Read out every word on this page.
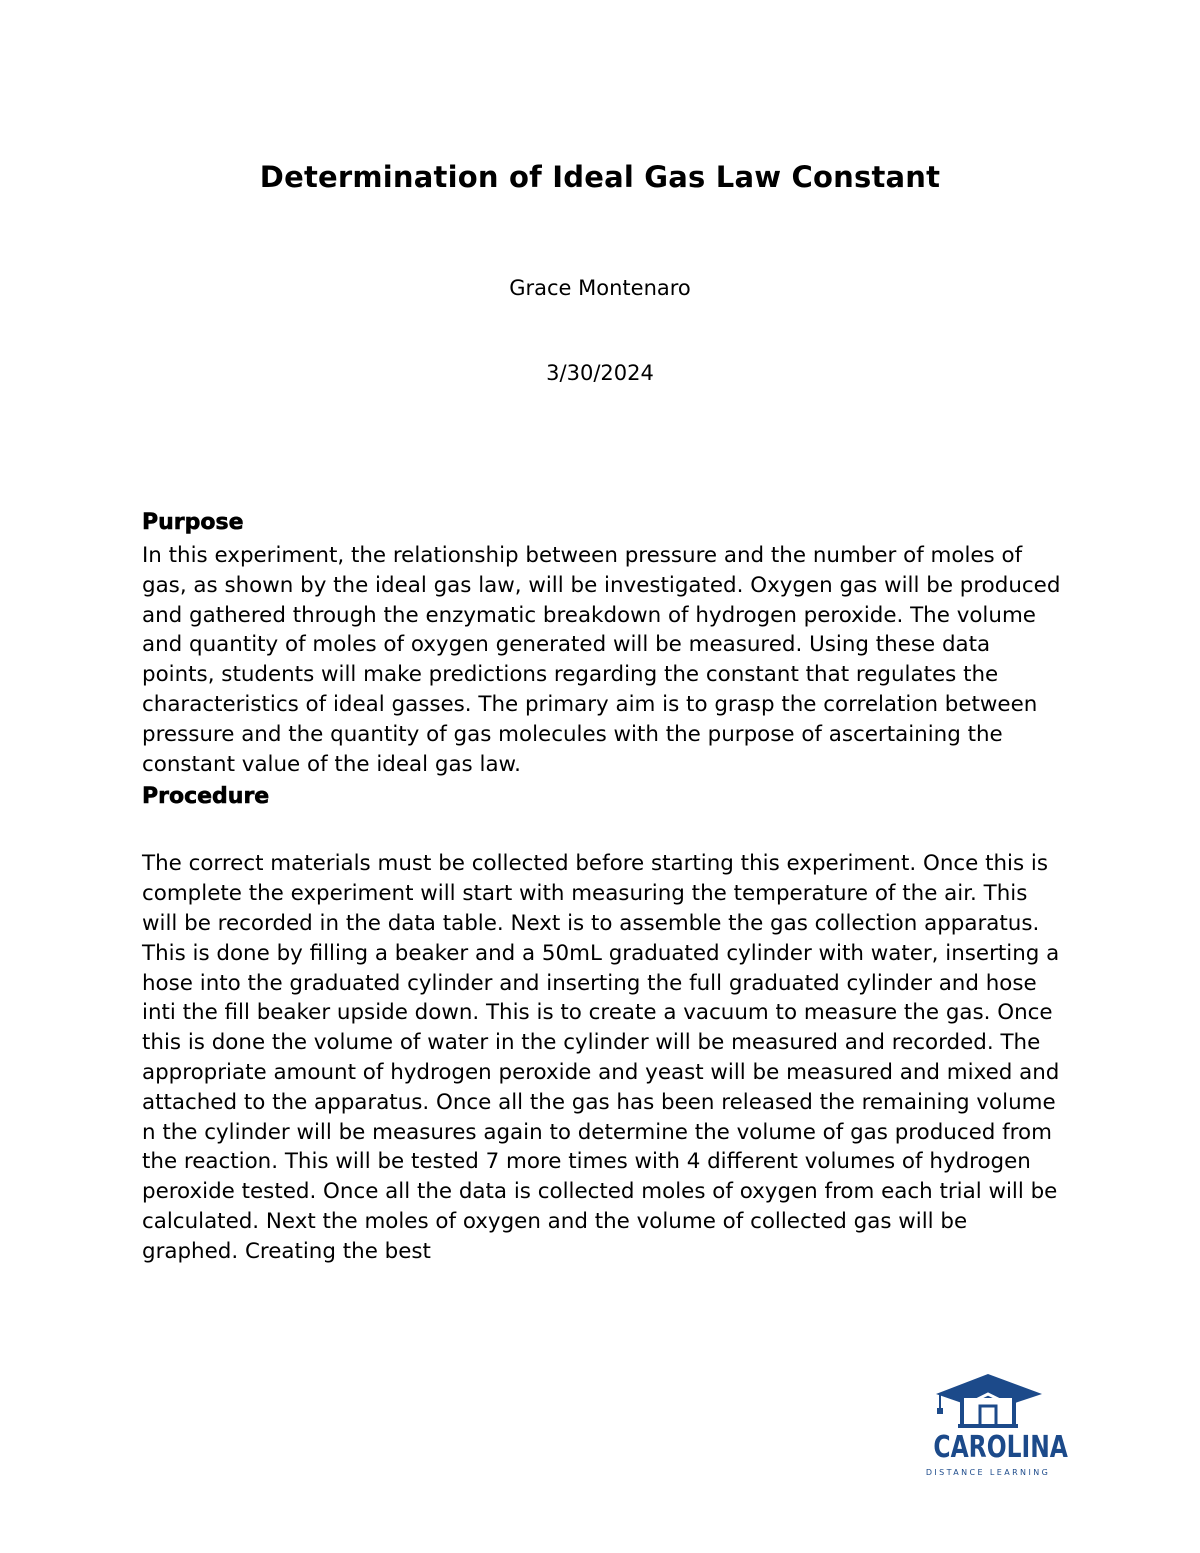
Determination of Ideal Gas Law Constant

Grace Montenaro

3/30/2024

Purpose

In this experiment, the relationship between pressure and the number of moles of gas, as shown by the ideal gas law, will be investigated. Oxygen gas will be produced and gathered through the enzymatic breakdown of hydrogen peroxide. The volume and quantity of moles of oxygen generated will be measured. Using these data points, students will make predictions regarding the constant that regulates the characteristics of ideal gasses. The primary aim is to grasp the correlation between pressure and the quantity of gas molecules with the purpose of ascertaining the constant value of the ideal gas law.

Procedure

The correct materials must be collected before starting this experiment. Once this is complete the experiment will start with measuring the temperature of the air. This will be recorded in the data table. Next is to assemble the gas collection apparatus. This is done by filling a beaker and a 50mL graduated cylinder with water, inserting a hose into the graduated cylinder and inserting the full graduated cylinder and hose inti the fill beaker upside down. This is to create a vacuum to measure the gas. Once this is done the volume of water in the cylinder will be measured and recorded. The appropriate amount of hydrogen peroxide and yeast will be measured and mixed and attached to the apparatus. Once all the gas has been released the remaining volume n the cylinder will be measures again to determine the volume of gas produced from the reaction. This will be tested 7 more times with 4 different volumes of hydrogen peroxide tested. Once all the data is collected moles of oxygen from each trial will be calculated. Next the moles of oxygen and the volume of collected gas will be graphed. Creating the best

CAROLINA
DISTANCE LEARNING
